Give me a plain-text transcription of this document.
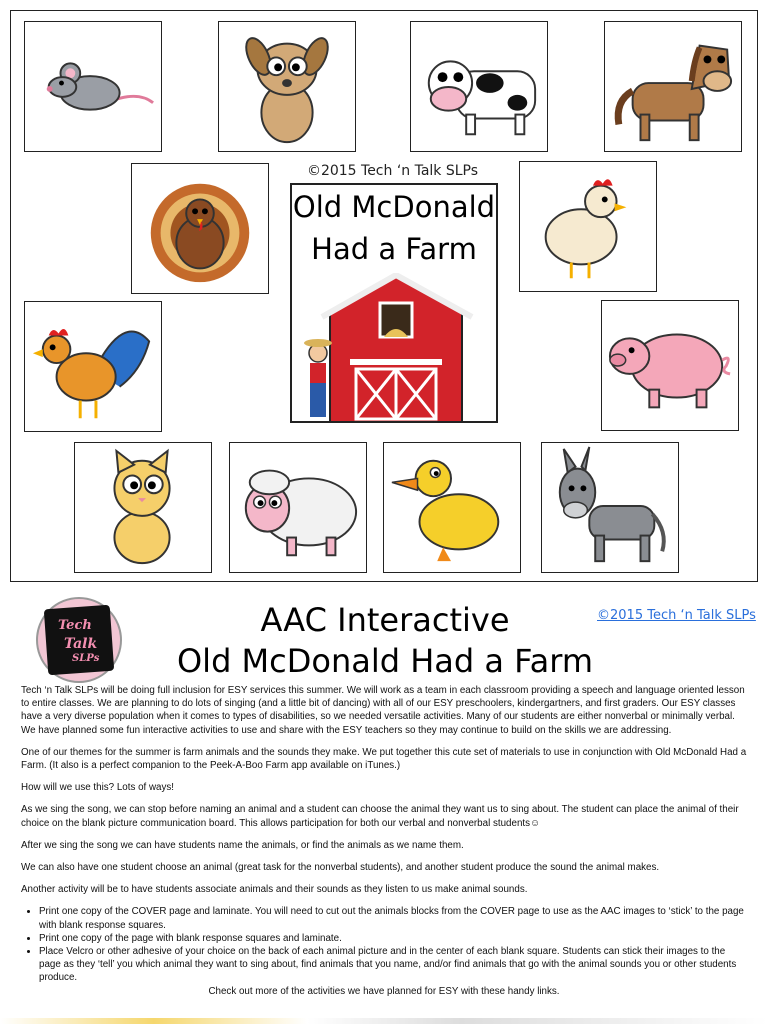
©2015 Tech ‘n Talk SLPs
Old McDonald
Had a Farm
Tech
Talk
SLPs
AAC Interactive
Old McDonald Had a Farm
©2015 Tech ‘n Talk SLPs

Tech ‘n Talk SLPs will be doing full inclusion for ESY services this summer. We will work as a team in each classroom providing a speech and language oriented lesson to entire classes. We are planning to do lots of singing (and a little bit of dancing) with all of our ESY preschoolers, kindergartners, and first graders. Our ESY classes have a very diverse population when it comes to types of disabilities, so we needed versatile activities. Many of our students are either nonverbal or minimally verbal. We have planned some fun interactive activities to use and share with the ESY teachers so they may continue to build on the skills we are addressing.

One of our themes for the summer is farm animals and the sounds they make. We put together this cute set of materials to use in conjunction with Old McDonald Had a Farm. (It also is a perfect companion to the Peek-A-Boo Farm app available on iTunes.)

How will we use this? Lots of ways!

As we sing the song, we can stop before naming an animal and a student can choose the animal they want us to sing about. The student can place the animal of their choice on the blank picture communication board. This allows participation for both our verbal and nonverbal students☺

After we sing the song we can have students name the animals, or find the animals as we name them.

We can also have one student choose an animal (great task for the nonverbal students), and another student produce the sound the animal makes.

Another activity will be to have students associate animals and their sounds as they listen to us make animal sounds.

• Print one copy of the COVER page and laminate. You will need to cut out the animals blocks from the COVER page to use as the AAC images to ‘stick’ to the page with blank response squares.
• Print one copy of the page with blank response squares and laminate.
• Place Velcro or other adhesive of your choice on the back of each animal picture and in the center of each blank square. Students can stick their images to the page as they ‘tell’ you which animal they want to sing about, find animals that you name, and/or find animals that go with the animal sounds you or other students produce.

Check out more of the activities we have planned for ESY with these handy links.
